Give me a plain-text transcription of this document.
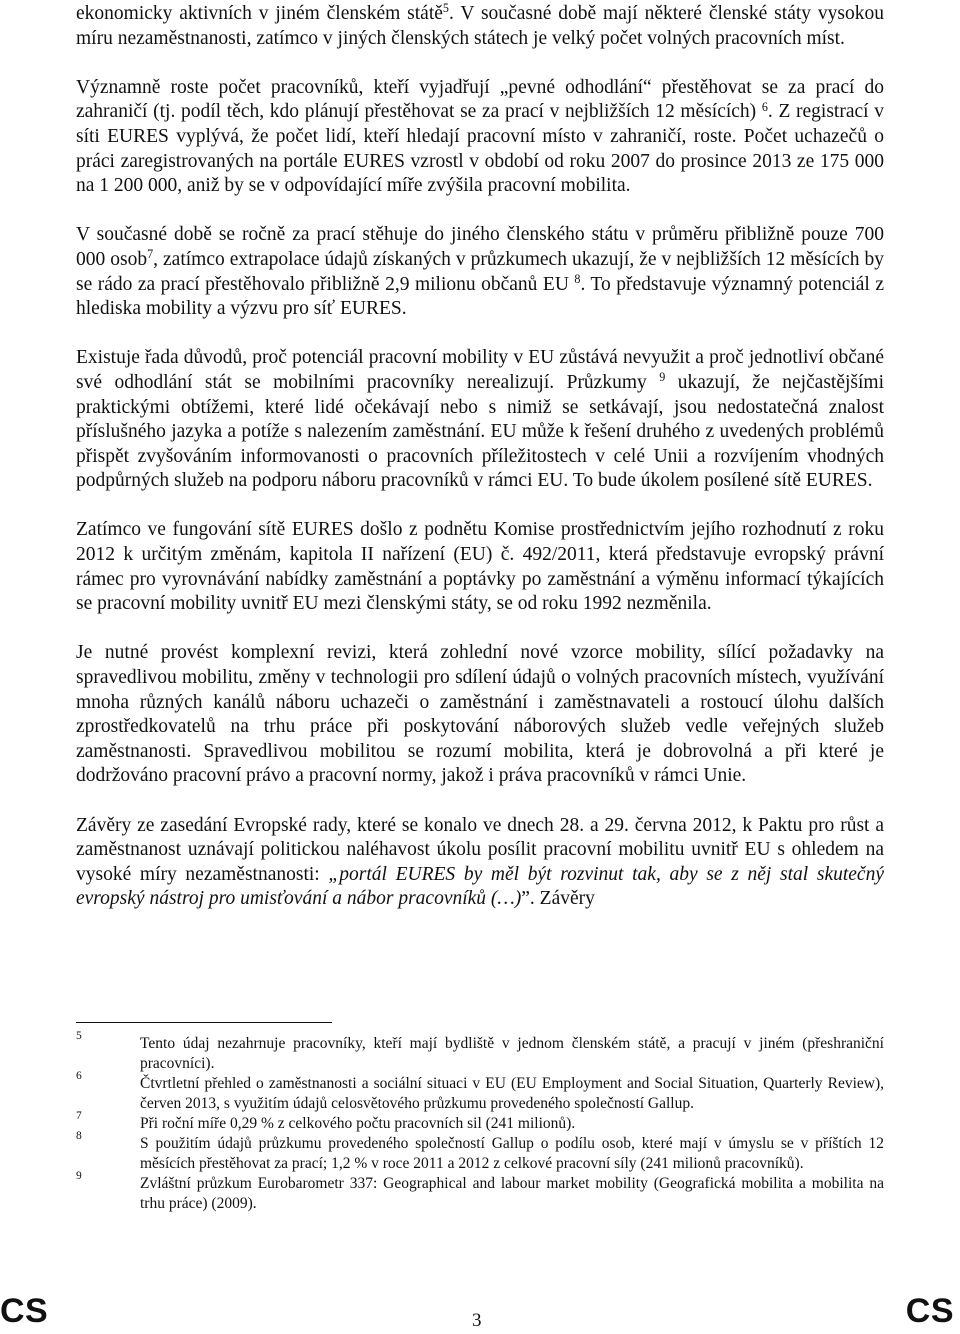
ekonomicky aktivních v jiném členském státě$^5$. V současné době mají některé členské státy vysokou míru nezaměstnanosti, zatímco v jiných členských státech je velký počet volných pracovních míst.

Významně roste počet pracovníků, kteří vyjadřují „pevné odhodlání“ přestěhovat se za prací do zahraničí (tj. podíl těch, kdo plánují přestěhovat se za prací v nejbližších 12 měsících) $^6$. Z registrací v síti EURES vyplývá, že počet lidí, kteří hledají pracovní místo v zahraničí, roste. Počet uchazečů o práci zaregistrovaných na portále EURES vzrostl v období od roku 2007 do prosince 2013 ze 175 000 na 1 200 000, aniž by se v odpovídající míře zvýšila pracovní mobilita.

V současné době se ročně za prací stěhuje do jiného členského státu v průměru přibližně pouze 700 000 osob$^7$, zatímco extrapolace údajů získaných v průzkumech ukazují, že v nejbližších 12 měsících by se rádo za prací přestěhovalo přibližně 2,9 milionu občanů EU $^8$. To představuje významný potenciál z hlediska mobility a výzvu pro síť EURES.

Existuje řada důvodů, proč potenciál pracovní mobility v EU zůstává nevyužit a proč jednotliví občané své odhodlání stát se mobilními pracovníky nerealizují. Průzkumy $^9$ ukazují, že nejčastějšími praktickými obtížemi, které lidé očekávají nebo s nimiž se setkávají, jsou nedostatečná znalost příslušného jazyka a potíže s nalezením zaměstnání. EU může k řešení druhého z uvedených problémů přispět zvyšováním informovanosti o pracovních příležitostech v celé Unii a rozvíjením vhodných podpůrných služeb na podporu náboru pracovníků v rámci EU. To bude úkolem posílené sítě EURES.

Zatímco ve fungování sítě EURES došlo z podnětu Komise prostřednictvím jejího rozhodnutí z roku 2012 k určitým změnám, kapitola II nařízení (EU) č. 492/2011, která představuje evropský právní rámec pro vyrovnávání nabídky zaměstnání a poptávky po zaměstnání a výměnu informací týkajících se pracovní mobility uvnitř EU mezi členskými státy, se od roku 1992 nezměnila.

Je nutné provést komplexní revizi, která zohlední nové vzorce mobility, sílící požadavky na spravedlivou mobilitu, změny v technologii pro sdílení údajů o volných pracovních místech, využívání mnoha různých kanálů náboru uchazeči o zaměstnání i zaměstnavateli a rostoucí úlohu dalších zprostředkovatelů na trhu práce při poskytování náborových služeb vedle veřejných služeb zaměstnanosti. Spravedlivou mobilitou se rozumí mobilita, která je dobrovolná a při které je dodržováno pracovní právo a pracovní normy, jakož i práva pracovníků v rámci Unie.

Závěry ze zasedání Evropské rady, které se konalo ve dnech 28. a 29. června 2012, k Paktu pro růst a zaměstnanost uznávají politickou naléhavost úkolu posílit pracovní mobilitu uvnitř EU s ohledem na vysoké míry nezaměstnanosti: „portál EURES by měl být rozvinut tak, aby se z něj stal skutečný evropský nástroj pro umisťování a nábor pracovníků (…)”. Závěry

5	Tento údaj nezahrnuje pracovníky, kteří mají bydliště v jednom členském státě, a pracují v jiném (přeshraniční pracovníci).
6	Čtvrtletní přehled o zaměstnanosti a sociální situaci v EU (EU Employment and Social Situation, Quarterly Review), červen 2013, s využitím údajů celosvětového průzkumu provedeného společností Gallup.
7	Při roční míře 0,29 % z celkového počtu pracovních sil (241 milionů).
8	S použitím údajů průzkumu provedeného společností Gallup o podílu osob, které mají v úmyslu se v příštích 12 měsících přestěhovat za prací; 1,2 % v roce 2011 a 2012 z celkové pracovní síly (241 milionů pracovníků).
9	Zvláštní průzkum Eurobarometr 337: Geographical and labour market mobility (Geografická mobilita a mobilita na trhu práce) (2009).
CS	3	CS
